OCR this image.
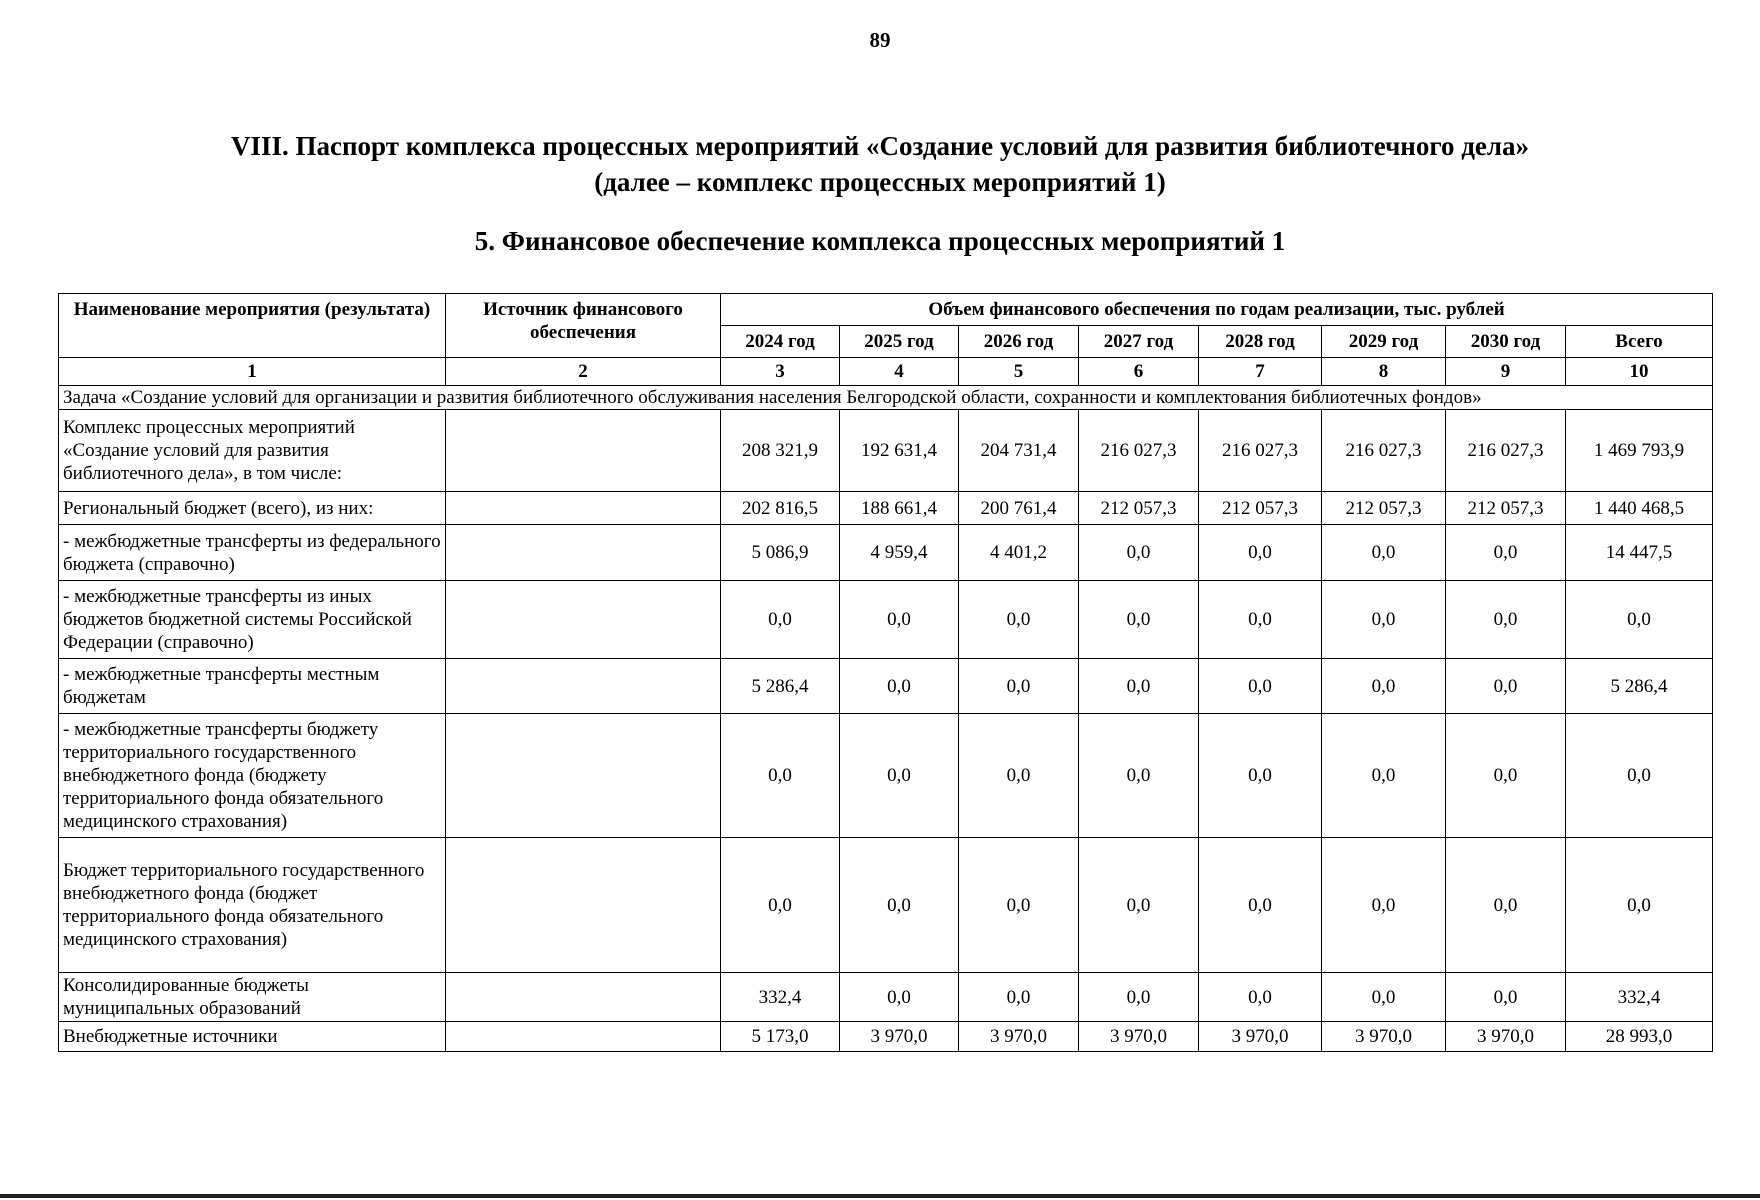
89
VIII. Паспорт комплекса процессных мероприятий «Создание условий для развития библиотечного дела»
(далее – комплекс процессных мероприятий 1)
5. Финансовое обеспечение комплекса процессных мероприятий 1
Наименование мероприятия (результата)	Источник финансового обеспечения	Объем финансового обеспечения по годам реализации, тыс. рублей							
		2024 год	2025 год	2026 год	2027 год	2028 год	2029 год	2030 год	Всего
1	2	3	4	5	6	7	8	9	10
Задача «Создание условий для организации и развития библиотечного обслуживания населения Белгородской области, сохранности и комплектования библиотечных фондов»									
Комплекс процессных мероприятий «Создание условий для развития библиотечного дела», в том числе:		208 321,9	192 631,4	204 731,4	216 027,3	216 027,3	216 027,3	216 027,3	1 469 793,9
Региональный бюджет (всего), из них:		202 816,5	188 661,4	200 761,4	212 057,3	212 057,3	212 057,3	212 057,3	1 440 468,5
- межбюджетные трансферты из федерального бюджета (справочно)		5 086,9	4 959,4	4 401,2	0,0	0,0	0,0	0,0	14 447,5
- межбюджетные трансферты из иных бюджетов бюджетной системы Российской Федерации (справочно)		0,0	0,0	0,0	0,0	0,0	0,0	0,0	0,0
- межбюджетные трансферты местным бюджетам		5 286,4	0,0	0,0	0,0	0,0	0,0	0,0	5 286,4
- межбюджетные трансферты бюджету территориального государственного внебюджетного фонда (бюджету территориального фонда обязательного медицинского страхования)		0,0	0,0	0,0	0,0	0,0	0,0	0,0	0,0
Бюджет территориального государственного внебюджетного фонда (бюджет территориального фонда обязательного медицинского страхования)		0,0	0,0	0,0	0,0	0,0	0,0	0,0	0,0
Консолидированные бюджеты муниципальных образований		332,4	0,0	0,0	0,0	0,0	0,0	0,0	332,4
Внебюджетные источники		5 173,0	3 970,0	3 970,0	3 970,0	3 970,0	3 970,0	3 970,0	28 993,0
